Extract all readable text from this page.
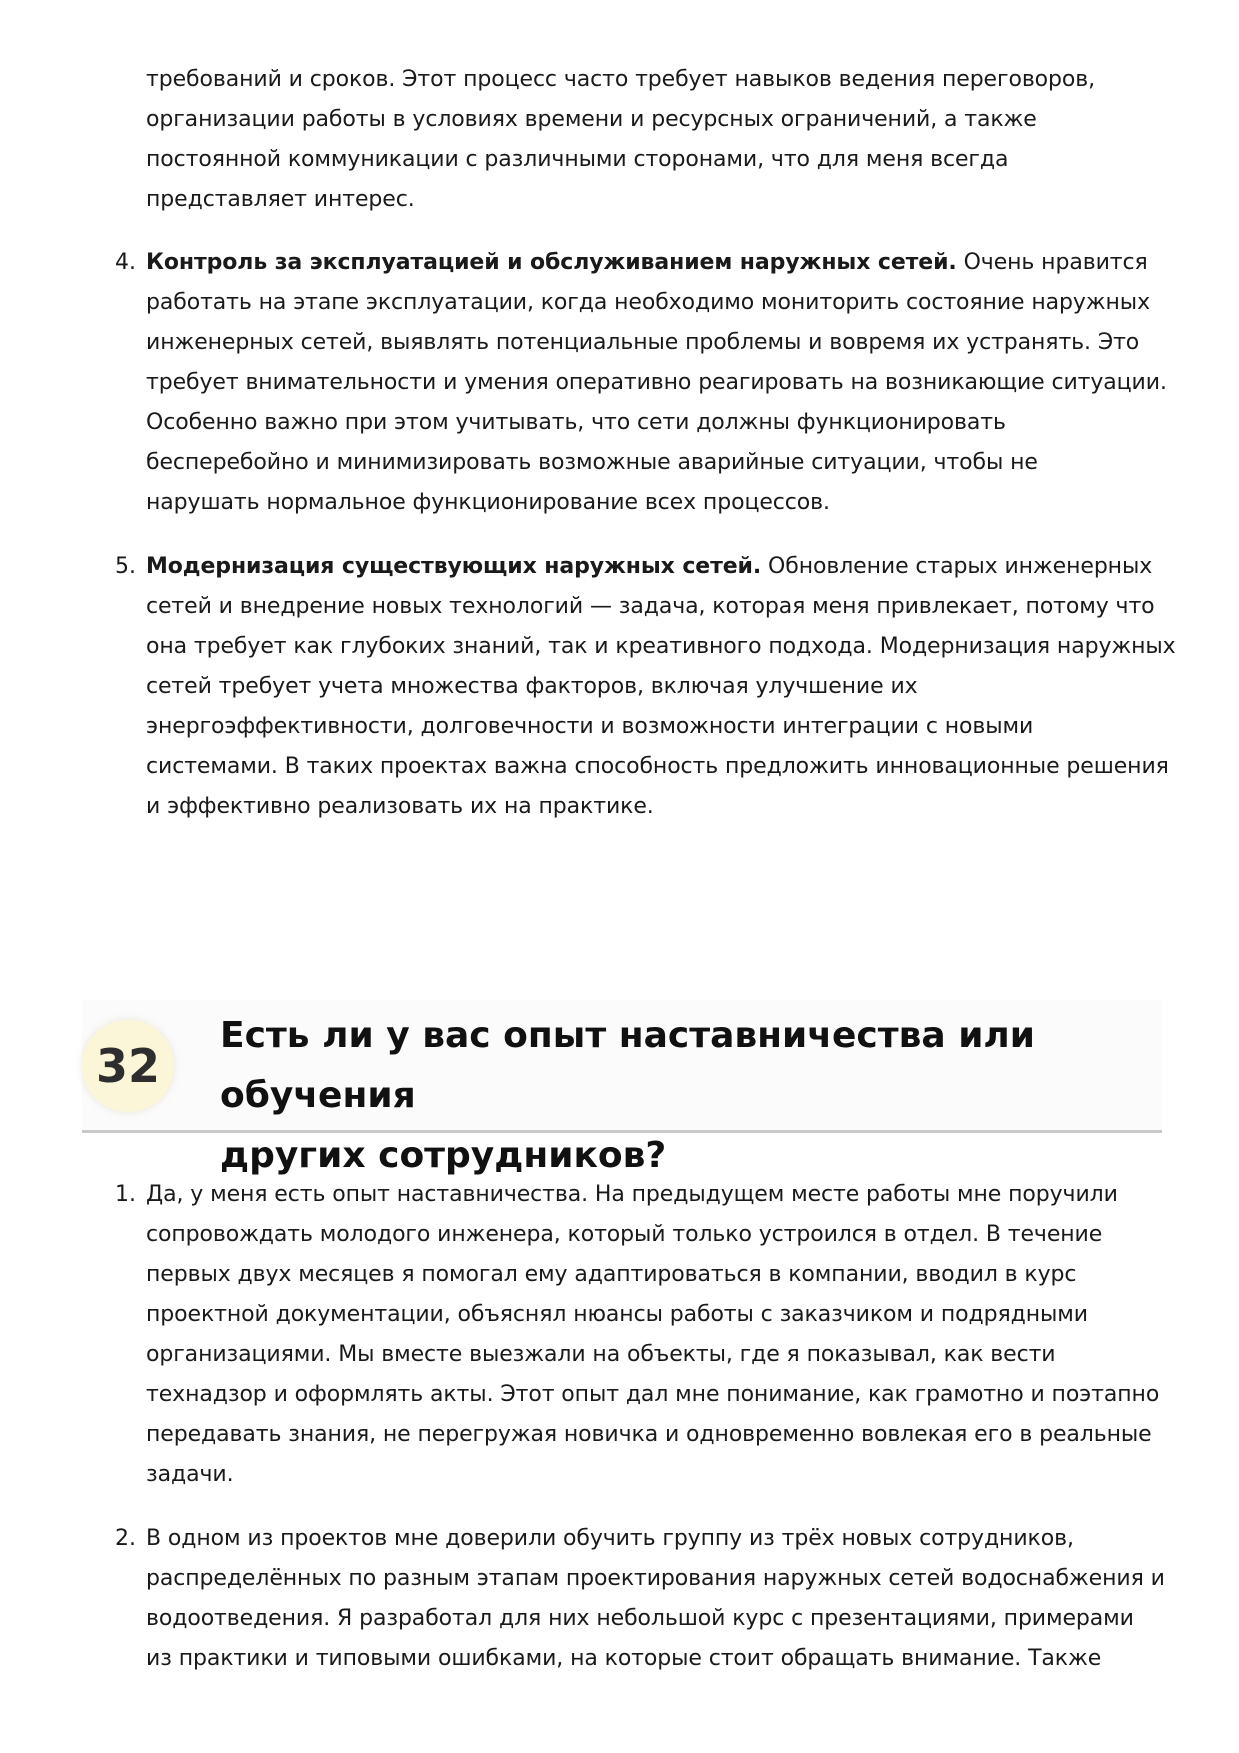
требований и сроков. Этот процесс часто требует навыков ведения переговоров,
организации работы в условиях времени и ресурсных ограничений, а также
постоянной коммуникации с различными сторонами, что для меня всегда
представляет интерес.
4. Контроль за эксплуатацией и обслуживанием наружных сетей. Очень нравится
работать на этапе эксплуатации, когда необходимо мониторить состояние наружных
инженерных сетей, выявлять потенциальные проблемы и вовремя их устранять. Это
требует внимательности и умения оперативно реагировать на возникающие ситуации.
Особенно важно при этом учитывать, что сети должны функционировать
бесперебойно и минимизировать возможные аварийные ситуации, чтобы не
нарушать нормальное функционирование всех процессов.
5. Модернизация существующих наружных сетей. Обновление старых инженерных
сетей и внедрение новых технологий — задача, которая меня привлекает, потому что
она требует как глубоких знаний, так и креативного подхода. Модернизация наружных
сетей требует учета множества факторов, включая улучшение их
энергоэффективности, долговечности и возможности интеграции с новыми
системами. В таких проектах важна способность предложить инновационные решения
и эффективно реализовать их на практике.
32
Есть ли у вас опыт наставничества или обучения
других сотрудников?
1. Да, у меня есть опыт наставничества. На предыдущем месте работы мне поручили
сопровождать молодого инженера, который только устроился в отдел. В течение
первых двух месяцев я помогал ему адаптироваться в компании, вводил в курс
проектной документации, объяснял нюансы работы с заказчиком и подрядными
организациями. Мы вместе выезжали на объекты, где я показывал, как вести
технадзор и оформлять акты. Этот опыт дал мне понимание, как грамотно и поэтапно
передавать знания, не перегружая новичка и одновременно вовлекая его в реальные
задачи.
2. В одном из проектов мне доверили обучить группу из трёх новых сотрудников,
распределённых по разным этапам проектирования наружных сетей водоснабжения и
водоотведения. Я разработал для них небольшой курс с презентациями, примерами
из практики и типовыми ошибками, на которые стоит обращать внимание. Также
